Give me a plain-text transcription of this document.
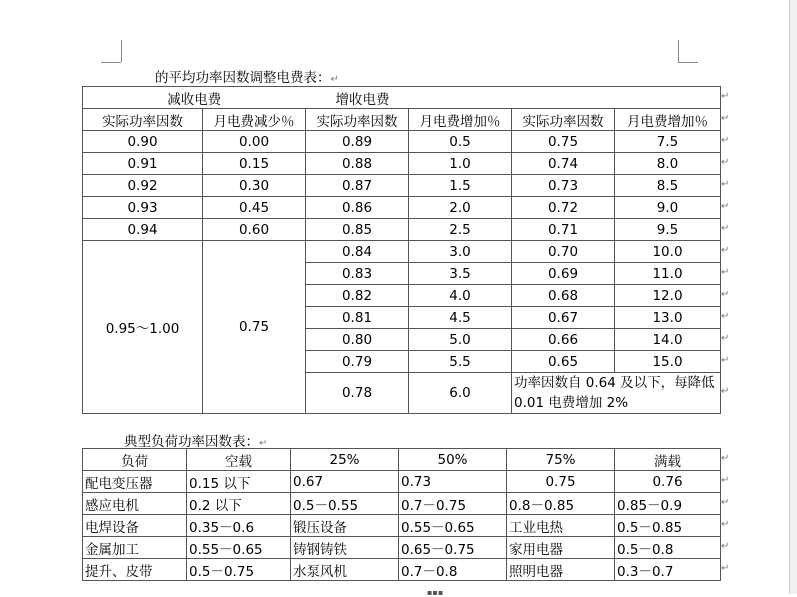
的平均功率因数调整电费表：↵
减收电费		增收电费			
实际功率因数	月电费减少％	实际功率因数	月电费增加％	实际功率因数	月电费增加％
0.90	0.00	0.89	0.5	0.75	7.5
0.91	0.15	0.88	1.0	0.74	8.0
0.92	0.30	0.87	1.5	0.73	8.5
0.93	0.45	0.86	2.0	0.72	9.0
0.94	0.60	0.85	2.5	0.71	9.5
0.95～1.00	0.75	0.84	3.0	0.70	10.0
		0.83	3.5	0.69	11.0
		0.82	4.0	0.68	12.0
		0.81	4.5	0.67	13.0
		0.80	5.0	0.66	14.0
		0.79	5.5	0.65	15.0
		0.78	6.0	功率因数自 0.64 及以下，每降低 0.01 电费增加 2%	
典型负荷功率因数表：↵
负荷	空载	25%	50%	75%	满载
配电变压器	0.15 以下	0.67	0.73	0.75	0.76
感应电机	0.2 以下	0.5－0.55	0.7－0.75	0.8－0.85	0.85－0.9
电焊设备	0.35－0.6	锻压设备	0.55－0.65	工业电热	0.5－0.85
金属加工	0.55－0.65	铸钢铸铁	0.65－0.75	家用电器	0.5－0.8
提升、皮带	0.5－0.75	水泵风机	0.7－0.8	照明电器	0.3－0.7
▪▪▪
↵
↵
↵
↵
↵
↵
↵
↵
↵
↵
↵
↵
↵
↵
↵
↵
↵
↵
↵
↵
